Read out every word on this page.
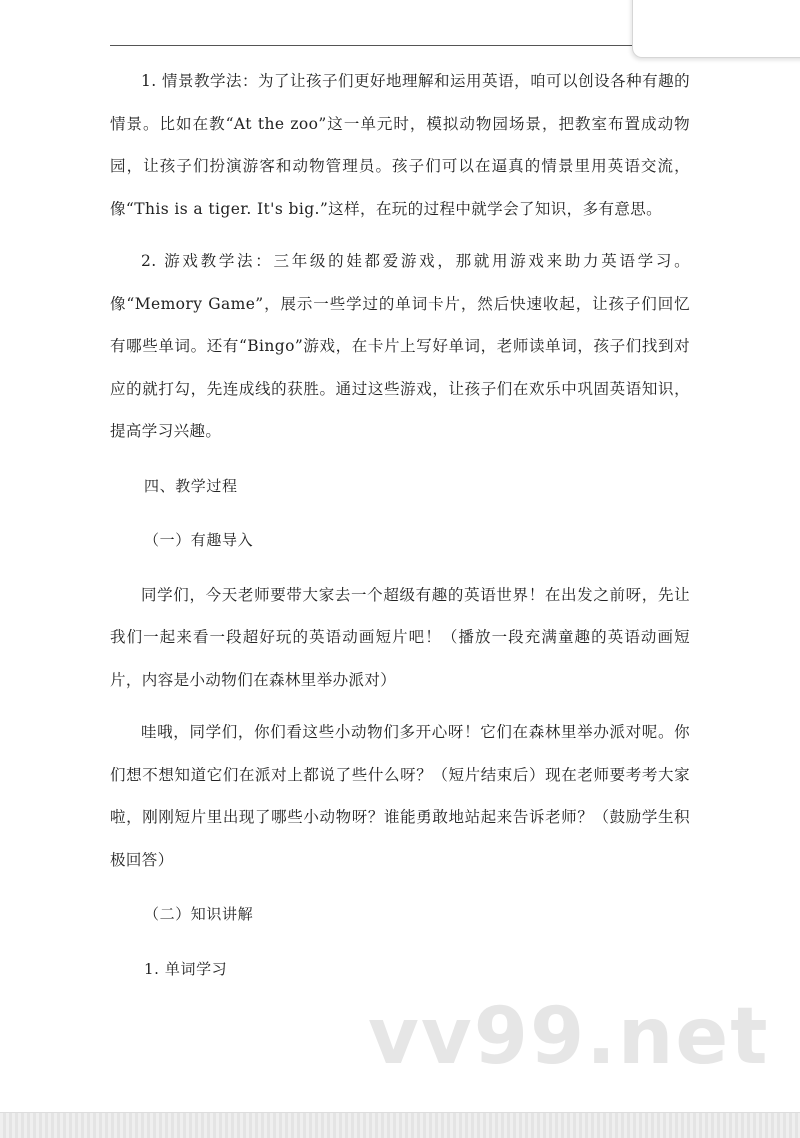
1. 情景教学法：为了让孩子们更好地理解和运用英语，咱可以创设各种有趣的情景。比如在教“At the zoo”这一单元时，模拟动物园场景，把教室布置成动物园，让孩子们扮演游客和动物管理员。孩子们可以在逼真的情景里用英语交流，像“This is a tiger. It's big.”这样，在玩的过程中就学会了知识，多有意思。

2. 游戏教学法：三年级的娃都爱游戏，那就用游戏来助力英语学习。像“Memory Game”，展示一些学过的单词卡片，然后快速收起，让孩子们回忆有哪些单词。还有“Bingo”游戏，在卡片上写好单词，老师读单词，孩子们找到对应的就打勾，先连成线的获胜。通过这些游戏，让孩子们在欢乐中巩固英语知识，提高学习兴趣。

四、教学过程

（一）有趣导入

同学们，今天老师要带大家去一个超级有趣的英语世界！在出发之前呀，先让我们一起来看一段超好玩的英语动画短片吧！（播放一段充满童趣的英语动画短片，内容是小动物们在森林里举办派对）

哇哦，同学们，你们看这些小动物们多开心呀！它们在森林里举办派对呢。你们想不想知道它们在派对上都说了些什么呀？（短片结束后）现在老师要考考大家啦，刚刚短片里出现了哪些小动物呀？谁能勇敢地站起来告诉老师？（鼓励学生积极回答）

（二）知识讲解

1. 单词学习

vv99.net
